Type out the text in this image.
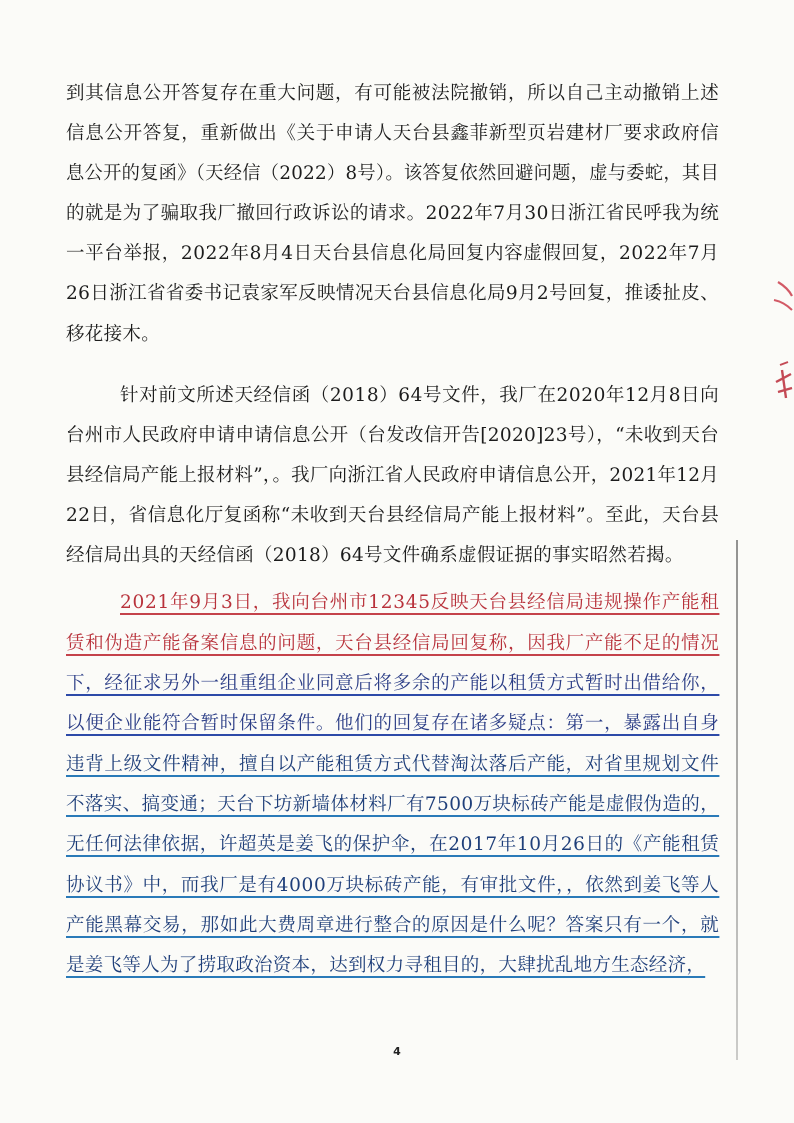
4
到其信息公开答复存在重大问题，有可能被法院撤销，所以自己主动撤销上述
信息公开答复，重新做出《关于申请人天台县鑫菲新型页岩建材厂要求政府信
息公开的复函》（天经信（2022）8号）。该答复依然回避问题，虚与委蛇，其目
的就是为了骗取我厂撤回行政诉讼的请求。2022年7月30日浙江省民呼我为统
一平台举报，2022年8月4日天台县信息化局回复内容虚假回复，2022年7月
26日浙江省省委书记袁家军反映情况天台县信息化局9月2号回复，推诿扯皮、
移花接木。
针对前文所述天经信函（2018）64号文件，我厂在2020年12月8日向
台州市人民政府申请申请信息公开（台发改信开告[2020]23号），“未收到天台
县经信局产能上报材料”，。我厂向浙江省人民政府申请信息公开，2021年12月
22日，省信息化厅复函称“未收到天台县经信局产能上报材料”。至此，天台县
经信局出具的天经信函（2018）64号文件确系虚假证据的事实昭然若揭。
2021年9月3日，我向台州市12345反映天台县经信局违规操作产能租
赁和伪造产能备案信息的问题，天台县经信局回复称，因我厂产能不足的情况
下，经征求另外一组重组企业同意后将多余的产能以租赁方式暂时出借给你，
以便企业能符合暂时保留条件。他们的回复存在诸多疑点：第一，暴露出自身
违背上级文件精神，擅自以产能租赁方式代替淘汰落后产能，对省里规划文件
不落实、搞变通；天台下坊新墙体材料厂有7500万块标砖产能是虚假伪造的，
无任何法律依据，许超英是姜飞的保护伞，在2017年10月26日的《产能租赁
协议书》中，而我厂是有4000万块标砖产能，有审批文件，，依然到姜飞等人
产能黑幕交易，那如此大费周章进行整合的原因是什么呢？答案只有一个，就
是姜飞等人为了捞取政治资本，达到权力寻租目的，大肆扰乱地方生态经济，
